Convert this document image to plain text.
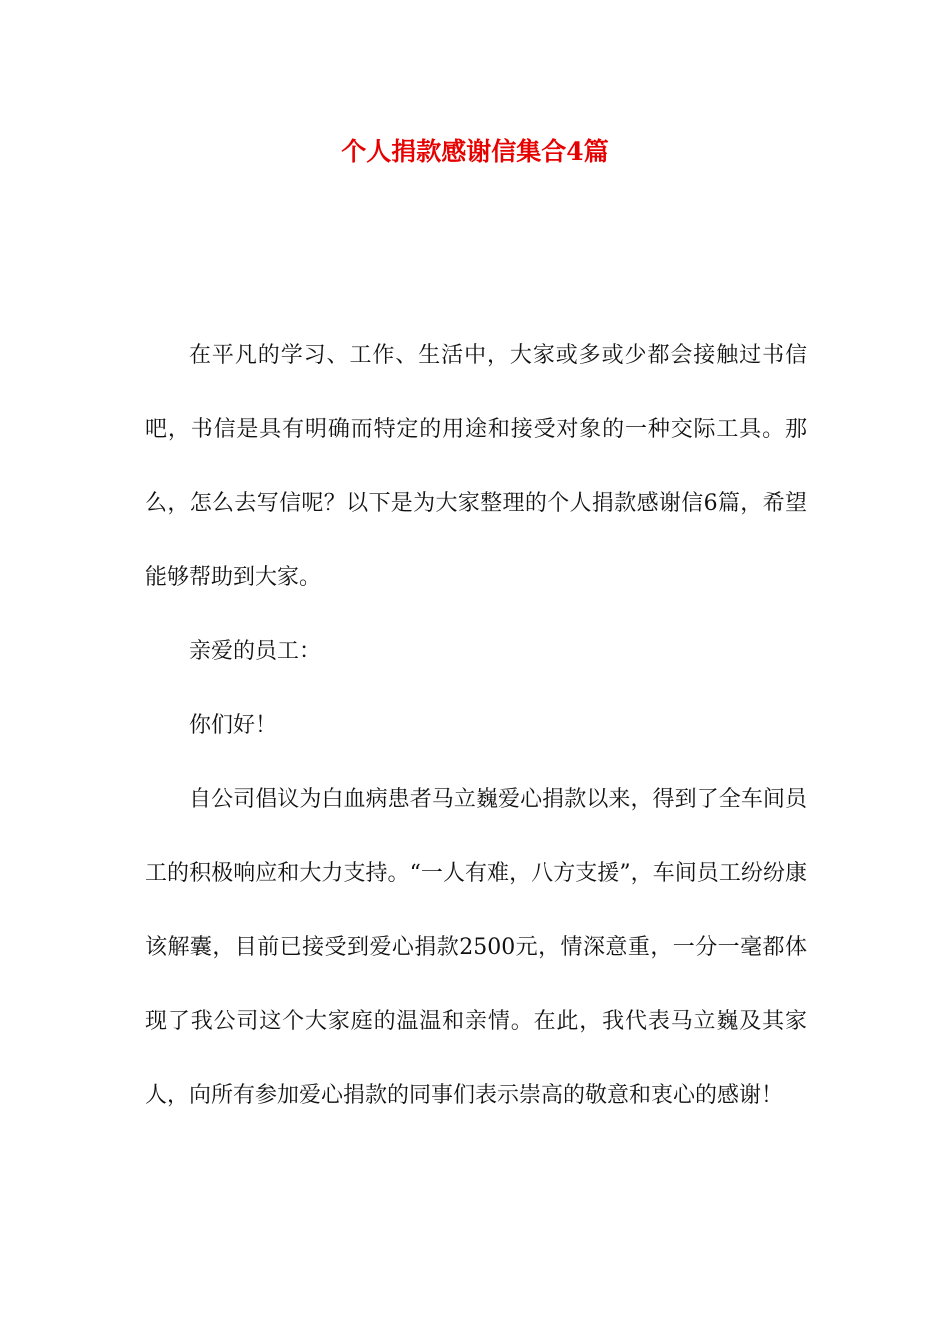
个人捐款感谢信集合4篇

在平凡的学习、工作、生活中，大家或多或少都会接触过书信吧，书信是具有明确而特定的用途和接受对象的一种交际工具。那么，怎么去写信呢？以下是为大家整理的个人捐款感谢信6篇，希望能够帮助到大家。

亲爱的员工：

你们好！

自公司倡议为白血病患者马立巍爱心捐款以来，得到了全车间员工的积极响应和大力支持。“一人有难，八方支援”，车间员工纷纷康该解囊，目前已接受到爱心捐款2500元，情深意重，一分一毫都体现了我公司这个大家庭的温温和亲情。在此，我代表马立巍及其家人，向所有参加爱心捐款的同事们表示崇高的敬意和衷心的感谢！
